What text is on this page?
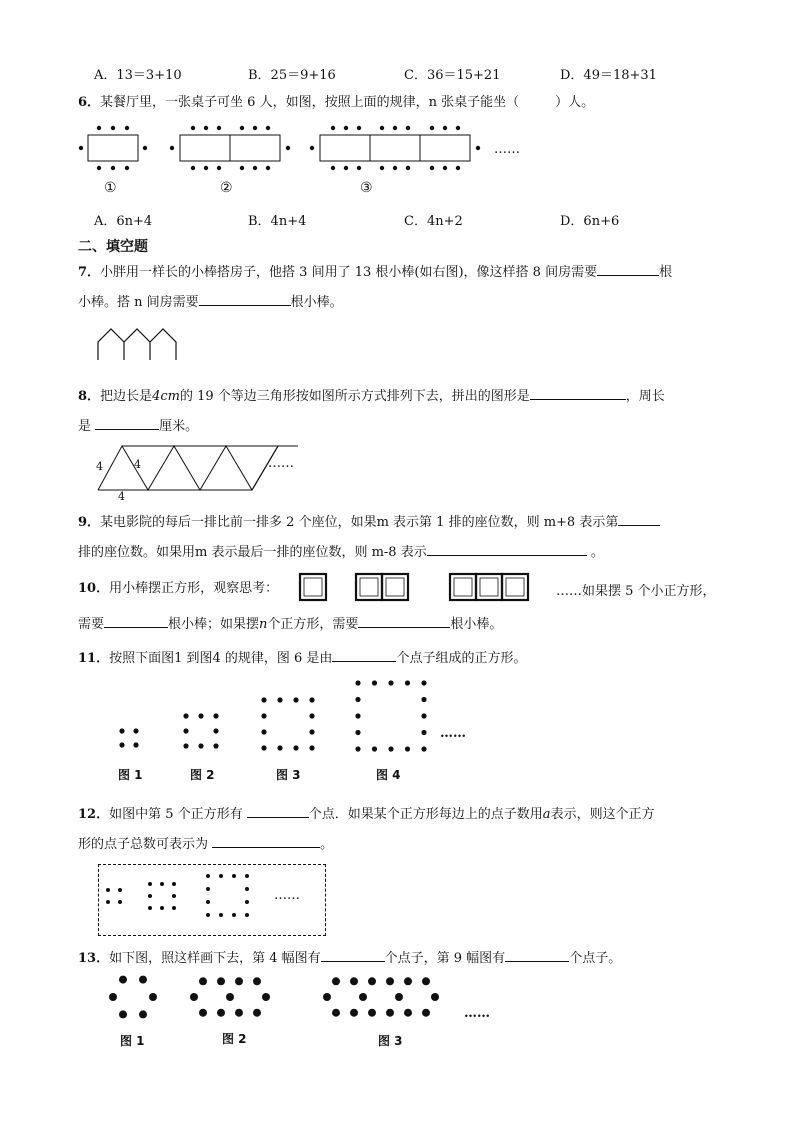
A．13＝3+10	B．25＝9+16	C．36＝15+21	D．49＝18+31
6．某餐厅里，一张桌子可坐 6 人，如图，按照上面的规律，n 张桌子能坐（	）人。
……
①	②	③
A．6n+4	B．4n+4	C．4n+2	D．6n+6
二、填空题
7．小胖用一样长的小棒搭房子，他搭 3 间用了 13 根小棒(如右图)，像这样搭 8 间房需要	根
小棒。搭 n 间房需要	根小棒。
8．把边长是4cm的 19 个等边三角形按如图所示方式排列下去，拼出的图形是	，周长
是	厘米。
4	4
4
……
9．某电影院的每后一排比前一排多 2 个座位，如果m 表示第 1 排的座位数，则 m+8 表示第
排的座位数。如果用m 表示最后一排的座位数，则 m-8 表示	。
10．用小棒摆正方形，观察思考：	……如果摆 5 个小正方形，
需要	根小棒；如果摆n个正方形，需要	根小棒。
11．按照下面图1 到图4 的规律，图 6 是由	个点子组成的正方形。
图 1	图 2	图 3	图 4
……
12．如图中第 5 个正方形有	个点．如果某个正方形每边上的点子数用a表示，则这个正方
形的点子总数可表示为	。
……
13．如下图，照这样画下去，第 4 幅图有	个点子，第 9 幅图有	个点子。
图 1	图 2	图 3
……
